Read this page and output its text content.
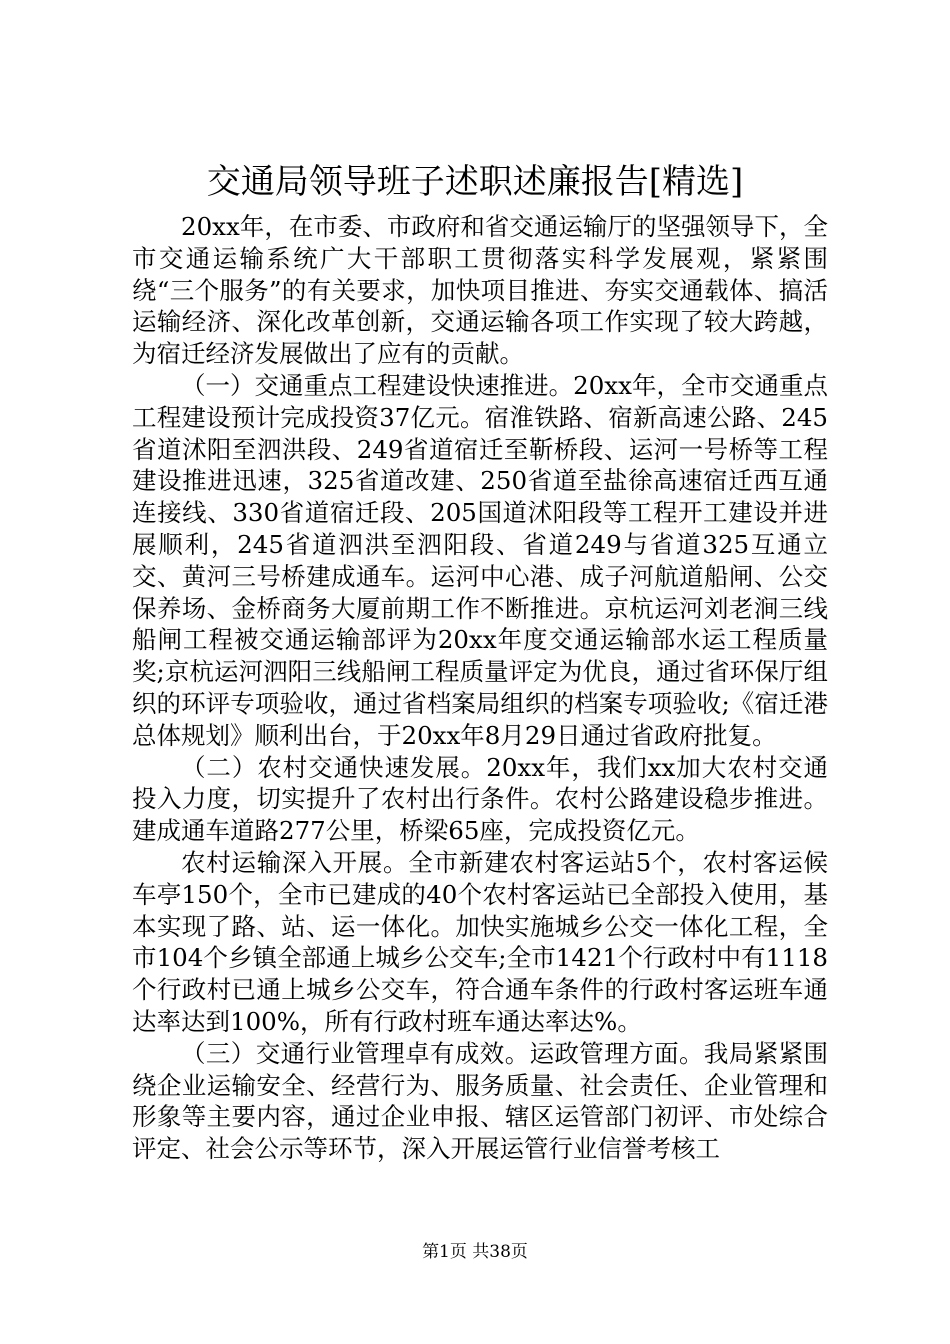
交通局领导班子述职述廉报告[精选]

20xx年，在市委、市政府和省交通运输厅的坚强领导下，全市交通运输系统广大干部职工贯彻落实科学发展观，紧紧围绕“三个服务”的有关要求，加快项目推进、夯实交通载体、搞活运输经济、深化改革创新，交通运输各项工作实现了较大跨越，为宿迁经济发展做出了应有的贡献。

（一）交通重点工程建设快速推进。20xx年，全市交通重点工程建设预计完成投资37亿元。宿淮铁路、宿新高速公路、245省道沭阳至泗洪段、249省道宿迁至靳桥段、运河一号桥等工程建设推进迅速，325省道改建、250省道至盐徐高速宿迁西互通连接线、330省道宿迁段、205国道沭阳段等工程开工建设并进展顺利，245省道泗洪至泗阳段、省道249与省道325互通立交、黄河三号桥建成通车。运河中心港、成子河航道船闸、公交保养场、金桥商务大厦前期工作不断推进。京杭运河刘老涧三线船闸工程被交通运输部评为20xx年度交通运输部水运工程质量奖;京杭运河泗阳三线船闸工程质量评定为优良，通过省环保厅组织的环评专项验收，通过省档案局组织的档案专项验收;《宿迁港总体规划》顺利出台，于20xx年8月29日通过省政府批复。

（二）农村交通快速发展。20xx年，我们xx加大农村交通投入力度，切实提升了农村出行条件。农村公路建设稳步推进。建成通车道路277公里，桥梁65座，完成投资亿元。

农村运输深入开展。全市新建农村客运站5个，农村客运候车亭150个，全市已建成的40个农村客运站已全部投入使用，基本实现了路、站、运一体化。加快实施城乡公交一体化工程，全市104个乡镇全部通上城乡公交车;全市1421个行政村中有1118个行政村已通上城乡公交车，符合通车条件的行政村客运班车通达率达到100%，所有行政村班车通达率达%。

（三）交通行业管理卓有成效。运政管理方面。我局紧紧围绕企业运输安全、经营行为、服务质量、社会责任、企业管理和形象等主要内容，通过企业申报、辖区运管部门初评、市处综合评定、社会公示等环节，深入开展运管行业信誉考核工

第1页 共38页
